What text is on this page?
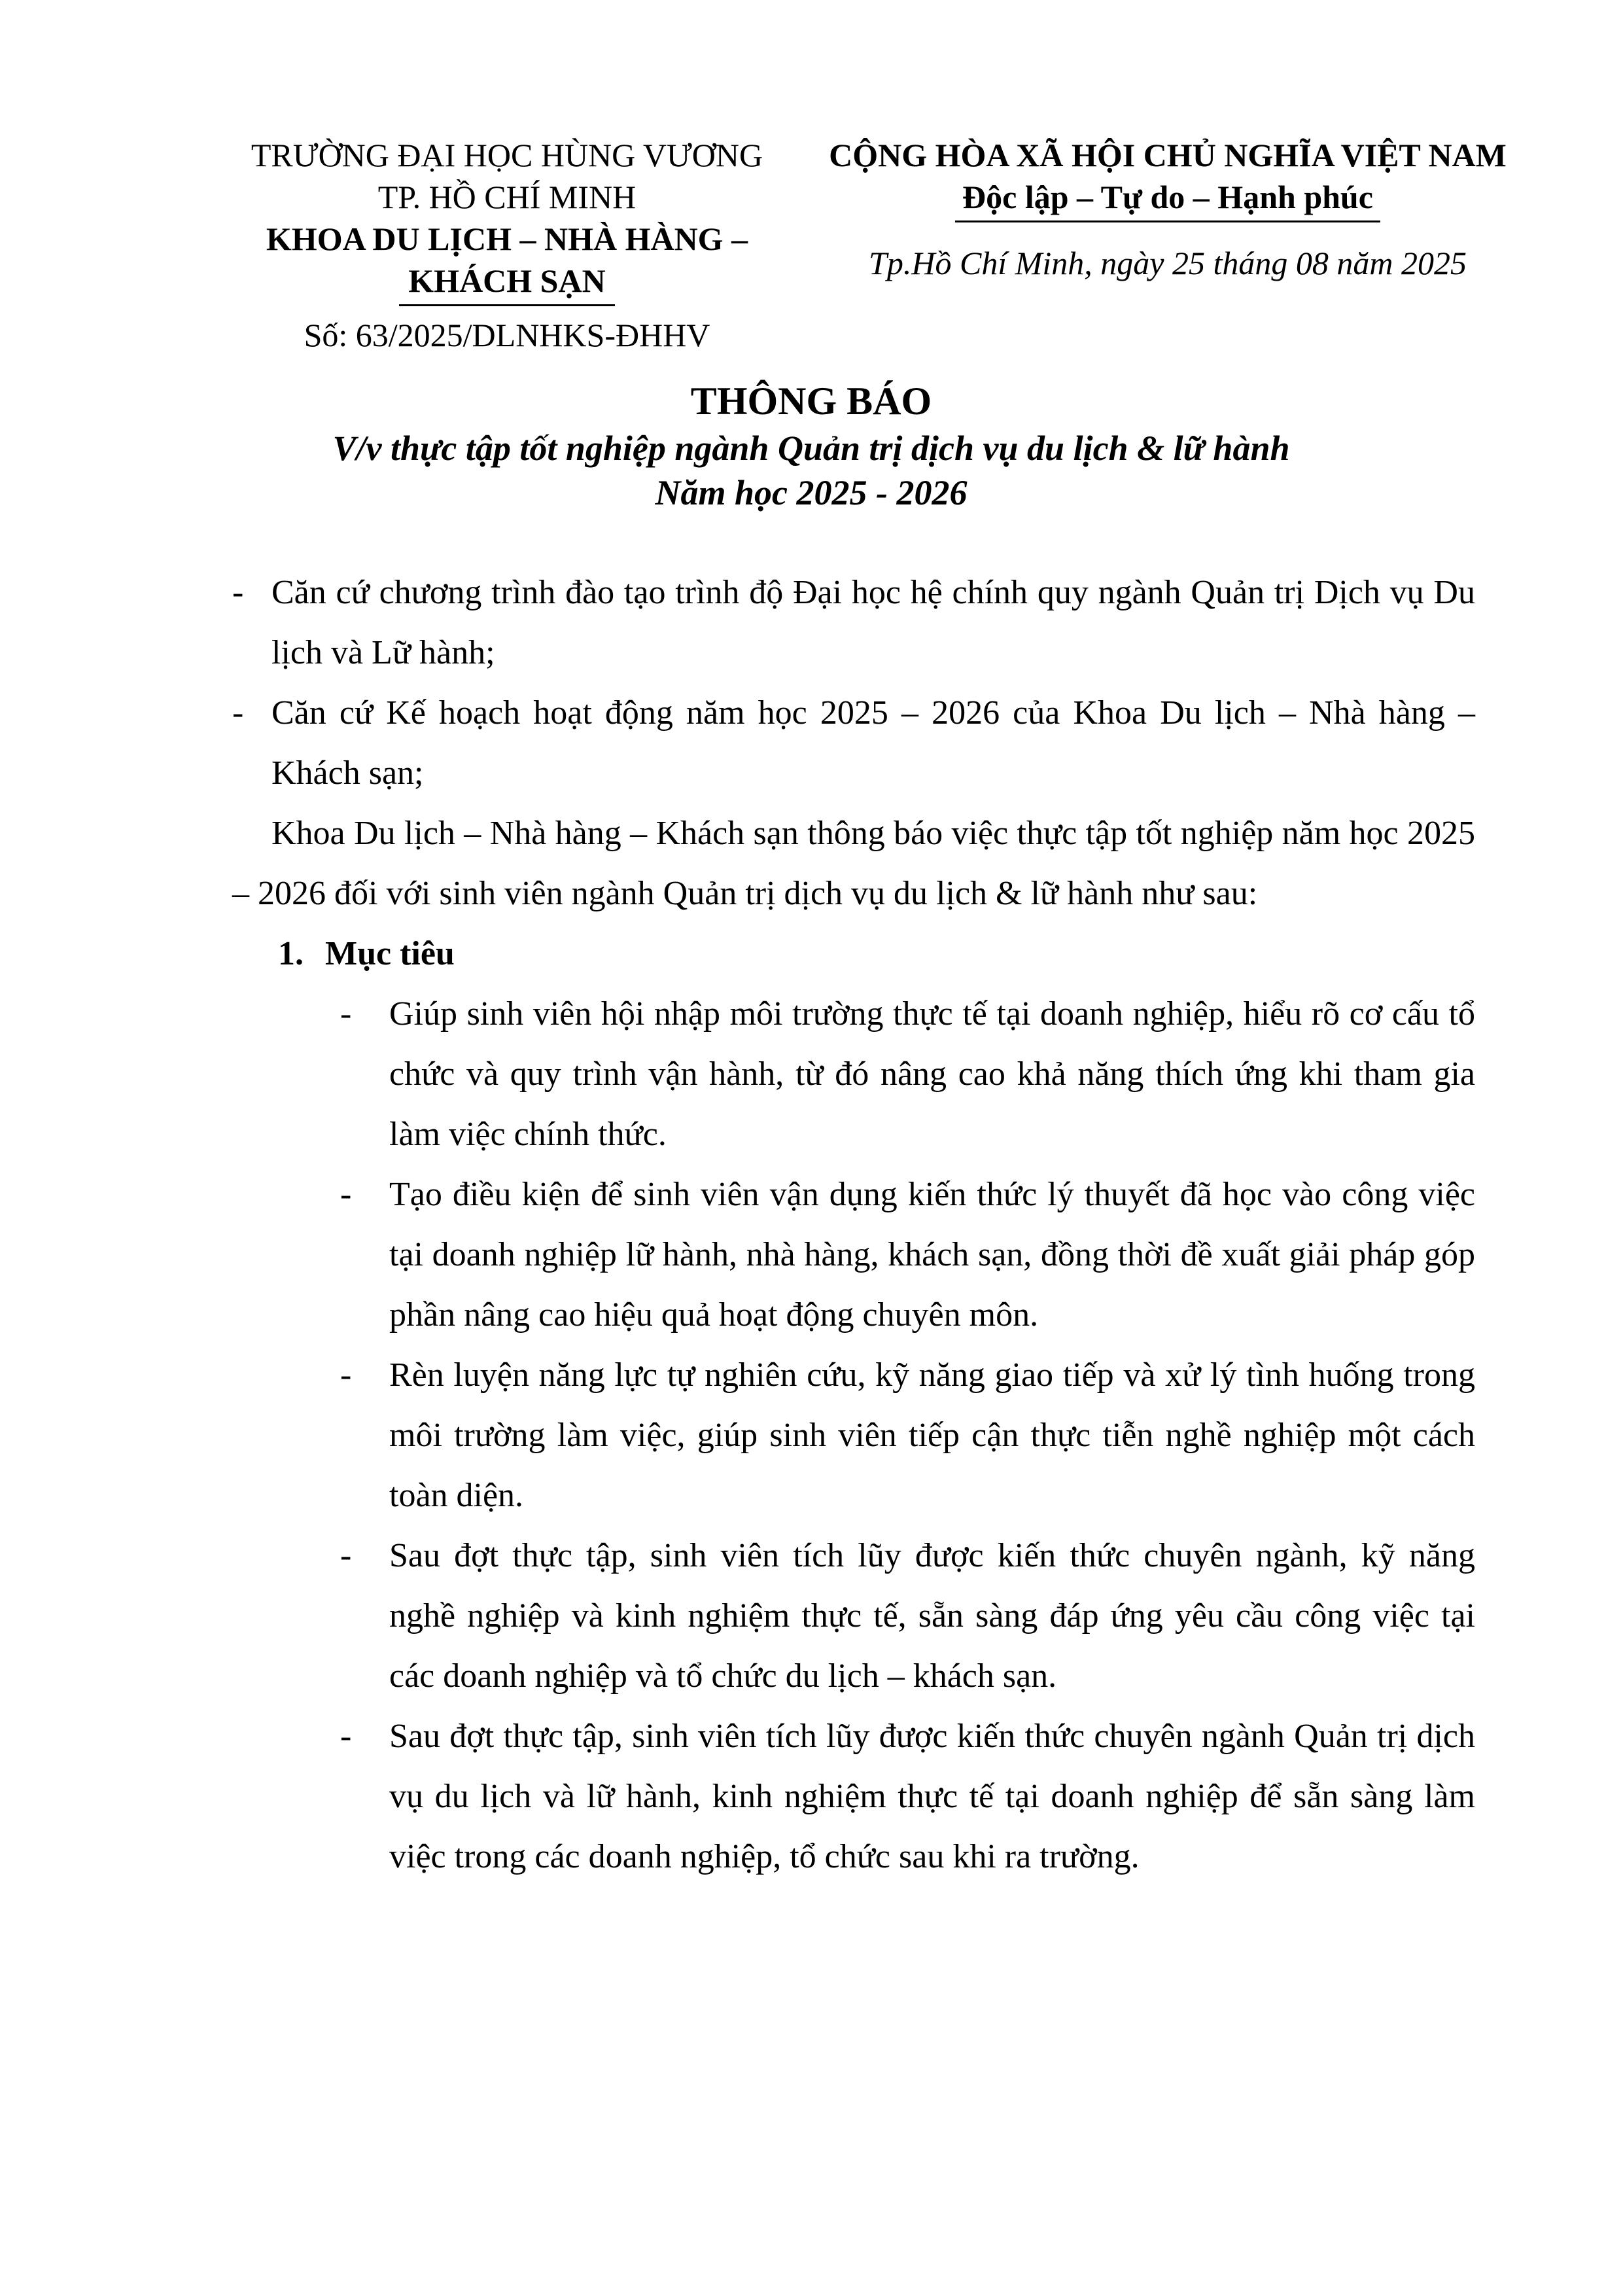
TRƯỜNG ĐẠI HỌC HÙNG VƯƠNG
TP. HỒ CHÍ MINH
KHOA DU LỊCH – NHÀ HÀNG –
KHÁCH SẠN
Số: 63/2025/DLNHKS-ĐHHV
CỘNG HÒA XÃ HỘI CHỦ NGHĨA VIỆT NAM
Độc lập – Tự do – Hạnh phúc
Tp.Hồ Chí Minh, ngày 25 tháng 08 năm 2025
THÔNG BÁO
V/v thực tập tốt nghiệp ngành Quản trị dịch vụ du lịch & lữ hành
Năm học 2025 - 2026
- Căn cứ chương trình đào tạo trình độ Đại học hệ chính quy ngành Quản trị Dịch vụ Du lịch và Lữ hành;
- Căn cứ Kế hoạch hoạt động năm học 2025 – 2026 của Khoa Du lịch – Nhà hàng – Khách sạn;
Khoa Du lịch – Nhà hàng – Khách sạn thông báo việc thực tập tốt nghiệp năm học 2025 – 2026 đối với sinh viên ngành Quản trị dịch vụ du lịch & lữ hành như sau:
1. Mục tiêu
- Giúp sinh viên hội nhập môi trường thực tế tại doanh nghiệp, hiểu rõ cơ cấu tổ chức và quy trình vận hành, từ đó nâng cao khả năng thích ứng khi tham gia làm việc chính thức.
- Tạo điều kiện để sinh viên vận dụng kiến thức lý thuyết đã học vào công việc tại doanh nghiệp lữ hành, nhà hàng, khách sạn, đồng thời đề xuất giải pháp góp phần nâng cao hiệu quả hoạt động chuyên môn.
- Rèn luyện năng lực tự nghiên cứu, kỹ năng giao tiếp và xử lý tình huống trong môi trường làm việc, giúp sinh viên tiếp cận thực tiễn nghề nghiệp một cách toàn diện.
- Sau đợt thực tập, sinh viên tích lũy được kiến thức chuyên ngành, kỹ năng nghề nghiệp và kinh nghiệm thực tế, sẵn sàng đáp ứng yêu cầu công việc tại các doanh nghiệp và tổ chức du lịch – khách sạn.
- Sau đợt thực tập, sinh viên tích lũy được kiến thức chuyên ngành Quản trị dịch vụ du lịch và lữ hành, kinh nghiệm thực tế tại doanh nghiệp để sẵn sàng làm việc trong các doanh nghiệp, tổ chức sau khi ra trường.
